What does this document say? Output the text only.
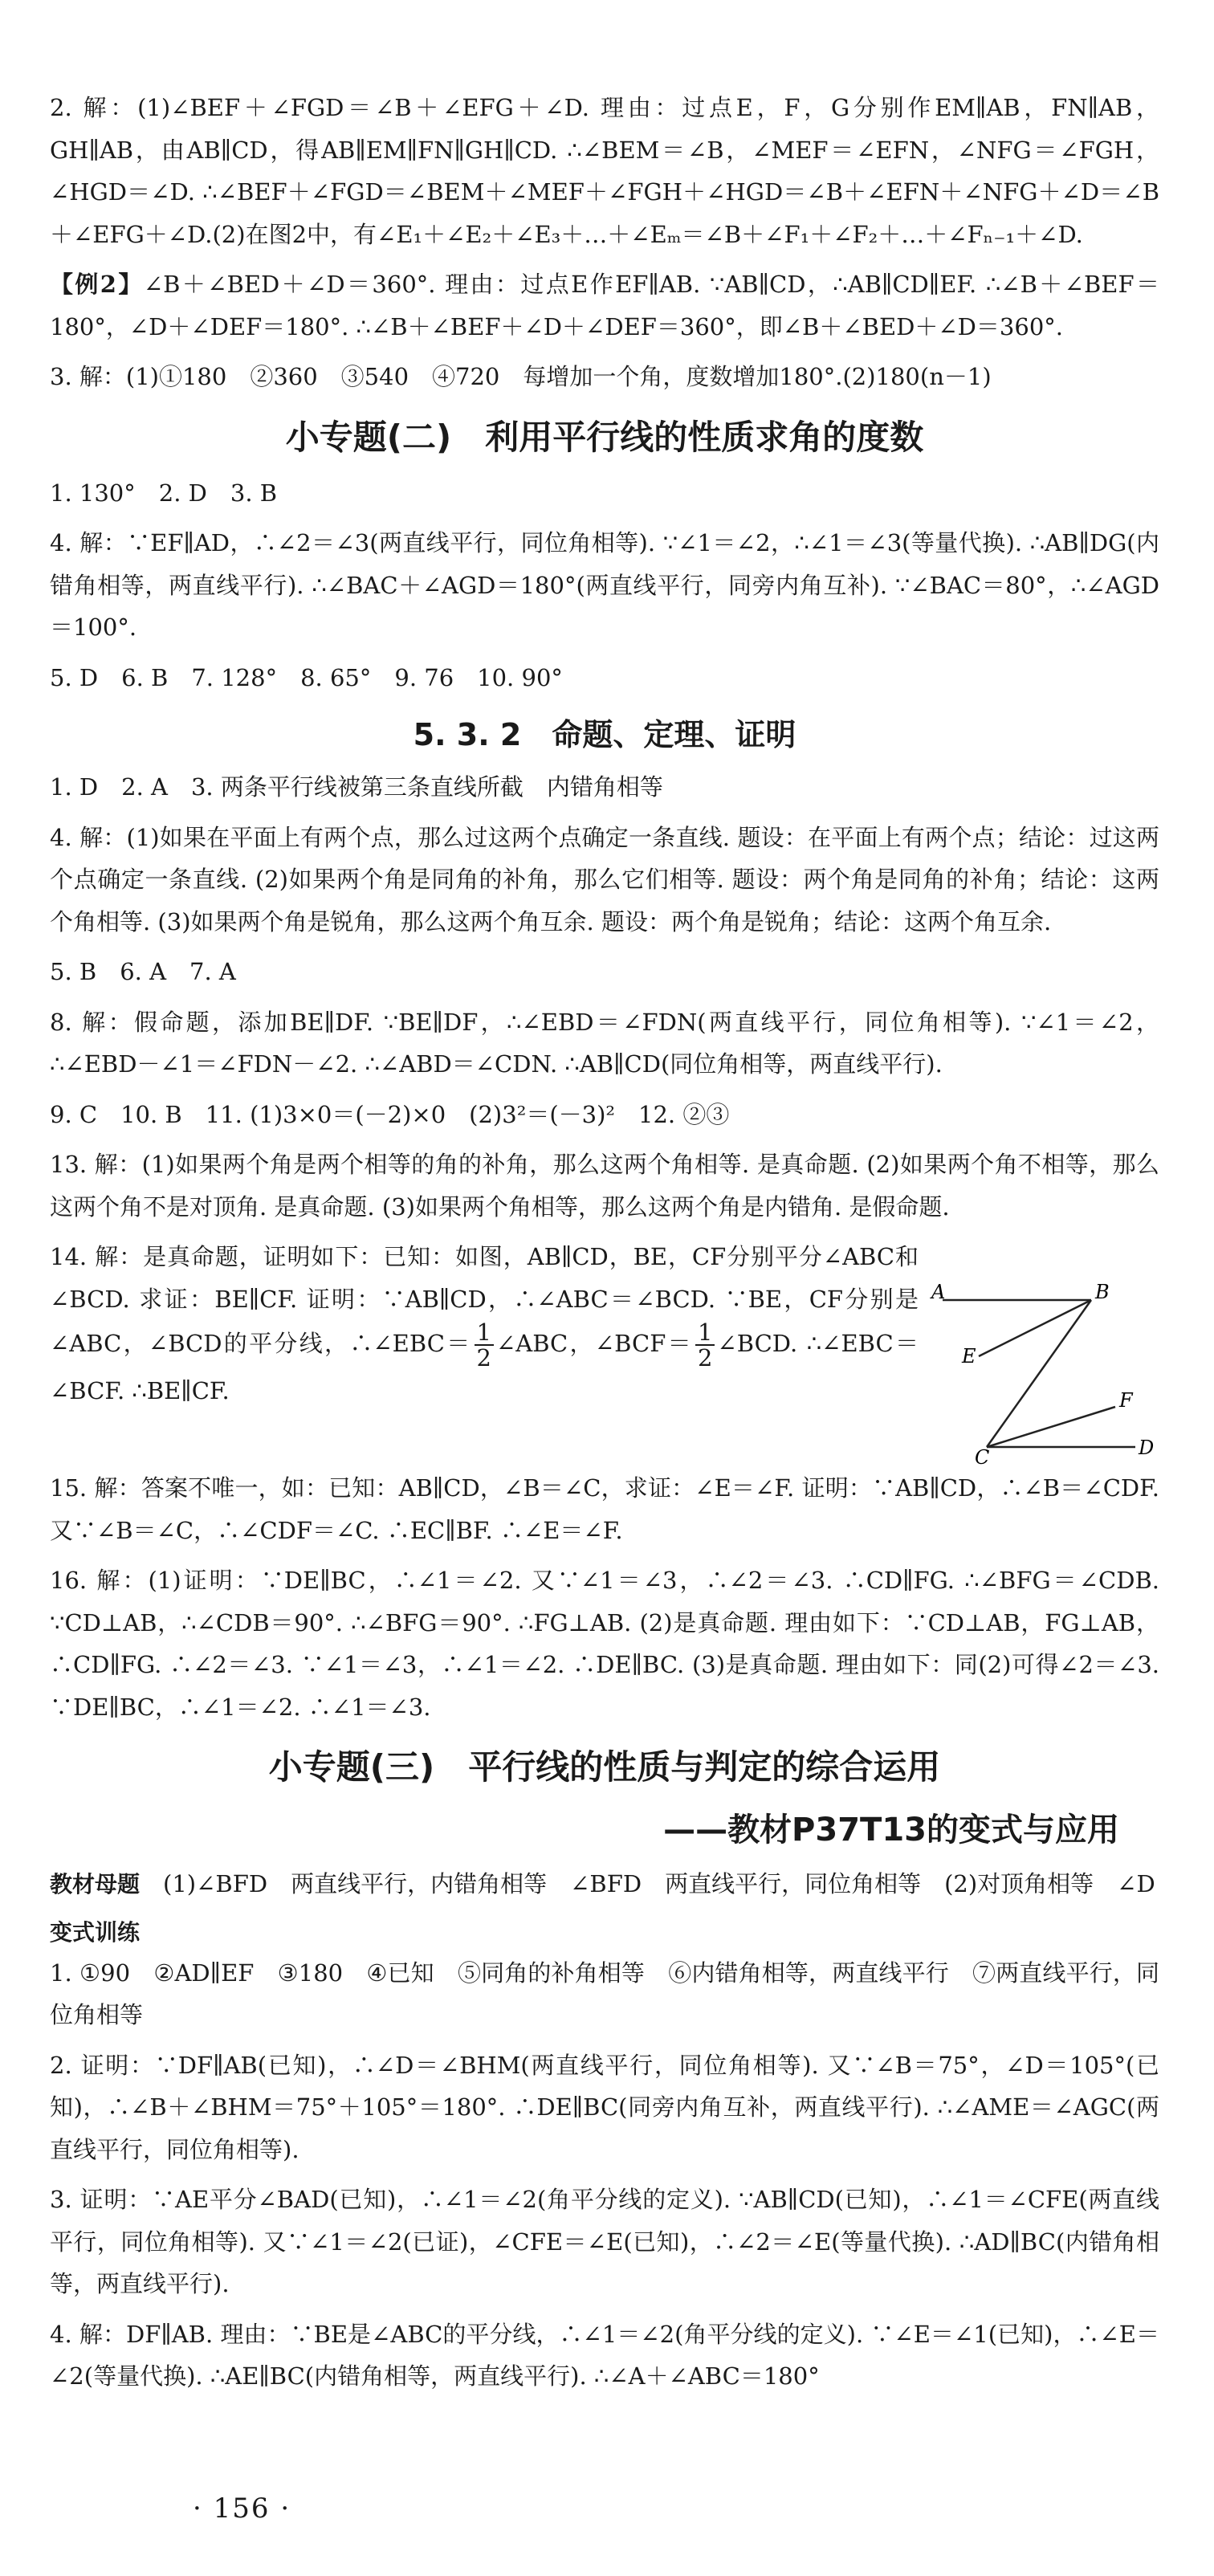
2. 解：(1)∠BEF＋∠FGD＝∠B＋∠EFG＋∠D. 理由：过点E，F，G分别作EM∥AB，FN∥AB，GH∥AB，由AB∥CD，得AB∥EM∥FN∥GH∥CD. ∴∠BEM＝∠B，∠MEF＝∠EFN，∠NFG＝∠FGH，∠HGD＝∠D. ∴∠BEF＋∠FGD＝∠BEM＋∠MEF＋∠FGH＋∠HGD＝∠B＋∠EFN＋∠NFG＋∠D＝∠B＋∠EFG＋∠D.(2)在图2中，有∠E₁＋∠E₂＋∠E₃＋…＋∠Eₘ＝∠B＋∠F₁＋∠F₂＋…＋∠Fₙ₋₁＋∠D.

【例2】∠B＋∠BED＋∠D＝360°. 理由：过点E作EF∥AB. ∵AB∥CD，∴AB∥CD∥EF. ∴∠B＋∠BEF＝180°，∠D＋∠DEF＝180°. ∴∠B＋∠BEF＋∠D＋∠DEF＝360°，即∠B＋∠BED＋∠D＝360°.

3. 解：(1)①180　②360　③540　④720　每增加一个角，度数增加180°.(2)180(n－1)

小专题(二)　利用平行线的性质求角的度数

1. 130°　2. D　3. B

4. 解：∵EF∥AD，∴∠2＝∠3(两直线平行，同位角相等). ∵∠1＝∠2，∴∠1＝∠3(等量代换). ∴AB∥DG(内错角相等，两直线平行). ∴∠BAC＋∠AGD＝180°(两直线平行，同旁内角互补). ∵∠BAC＝80°，∴∠AGD＝100°.

5. D　6. B　7. 128°　8. 65°　9. 76　10. 90°

5. 3. 2　命题、定理、证明

1. D　2. A　3. 两条平行线被第三条直线所截　内错角相等

4. 解：(1)如果在平面上有两个点，那么过这两个点确定一条直线. 题设：在平面上有两个点；结论：过这两个点确定一条直线. (2)如果两个角是同角的补角，那么它们相等. 题设：两个角是同角的补角；结论：这两个角相等. (3)如果两个角是锐角，那么这两个角互余. 题设：两个角是锐角；结论：这两个角互余.

5. B　6. A　7. A

8. 解：假命题，添加BE∥DF. ∵BE∥DF，∴∠EBD＝∠FDN(两直线平行，同位角相等). ∵∠1＝∠2，∴∠EBD－∠1＝∠FDN－∠2. ∴∠ABD＝∠CDN. ∴AB∥CD(同位角相等，两直线平行).

9. C　10. B　11. (1)3×0＝(－2)×0　(2)3²＝(－3)²　12. ②③

13. 解：(1)如果两个角是两个相等的角的补角，那么这两个角相等. 是真命题. (2)如果两个角不相等，那么这两个角不是对顶角. 是真命题. (3)如果两个角相等，那么这两个角是内错角. 是假命题.

14. 解：是真命题，证明如下：已知：如图，AB∥CD，BE，CF分别平分∠ABC和∠BCD. 求证：BE∥CF. 证明：∵AB∥CD，∴∠ABC＝∠BCD. ∵BE，CF分别是∠ABC，∠BCD的平分线，∴∠EBC＝ $\frac{1}{2}$ ∠ABC，∠BCF＝ $\frac{1}{2}$ ∠BCD. ∴∠EBC＝∠BCF. ∴BE∥CF.

A	B
E
F
C	D

15. 解：答案不唯一，如：已知：AB∥CD，∠B＝∠C，求证：∠E＝∠F. 证明：∵AB∥CD，∴∠B＝∠CDF. 又∵∠B＝∠C，∴∠CDF＝∠C. ∴EC∥BF. ∴∠E＝∠F.

16. 解：(1)证明：∵DE∥BC，∴∠1＝∠2. 又∵∠1＝∠3，∴∠2＝∠3. ∴CD∥FG. ∴∠BFG＝∠CDB. ∵CD⊥AB，∴∠CDB＝90°. ∴∠BFG＝90°. ∴FG⊥AB. (2)是真命题. 理由如下：∵CD⊥AB，FG⊥AB，∴CD∥FG. ∴∠2＝∠3. ∵∠1＝∠3，∴∠1＝∠2. ∴DE∥BC. (3)是真命题. 理由如下：同(2)可得∠2＝∠3. ∵DE∥BC，∴∠1＝∠2. ∴∠1＝∠3.

小专题(三)　平行线的性质与判定的综合运用
——教材P37T13的变式与应用

教材母题　 (1)∠BFD　两直线平行，内错角相等　∠BFD　两直线平行，同位角相等　(2)对顶角相等　∠D

变式训练

1. ①90　②AD∥EF　③180　④已知　⑤同角的补角相等　⑥内错角相等，两直线平行　⑦两直线平行，同位角相等

2. 证明：∵DF∥AB(已知)，∴∠D＝∠BHM(两直线平行，同位角相等). 又∵∠B＝75°，∠D＝105°(已知)，∴∠B＋∠BHM＝75°＋105°＝180°. ∴DE∥BC(同旁内角互补，两直线平行). ∴∠AME＝∠AGC(两直线平行，同位角相等).

3. 证明：∵AE平分∠BAD(已知)，∴∠1＝∠2(角平分线的定义). ∵AB∥CD(已知)，∴∠1＝∠CFE(两直线平行，同位角相等). 又∵∠1＝∠2(已证)，∠CFE＝∠E(已知)，∴∠2＝∠E(等量代换). ∴AD∥BC(内错角相等，两直线平行).

4. 解：DF∥AB. 理由：∵BE是∠ABC的平分线，∴∠1＝∠2(角平分线的定义). ∵∠E＝∠1(已知)，∴∠E＝∠2(等量代换). ∴AE∥BC(内错角相等，两直线平行). ∴∠A＋∠ABC＝180°

· 156 ·
